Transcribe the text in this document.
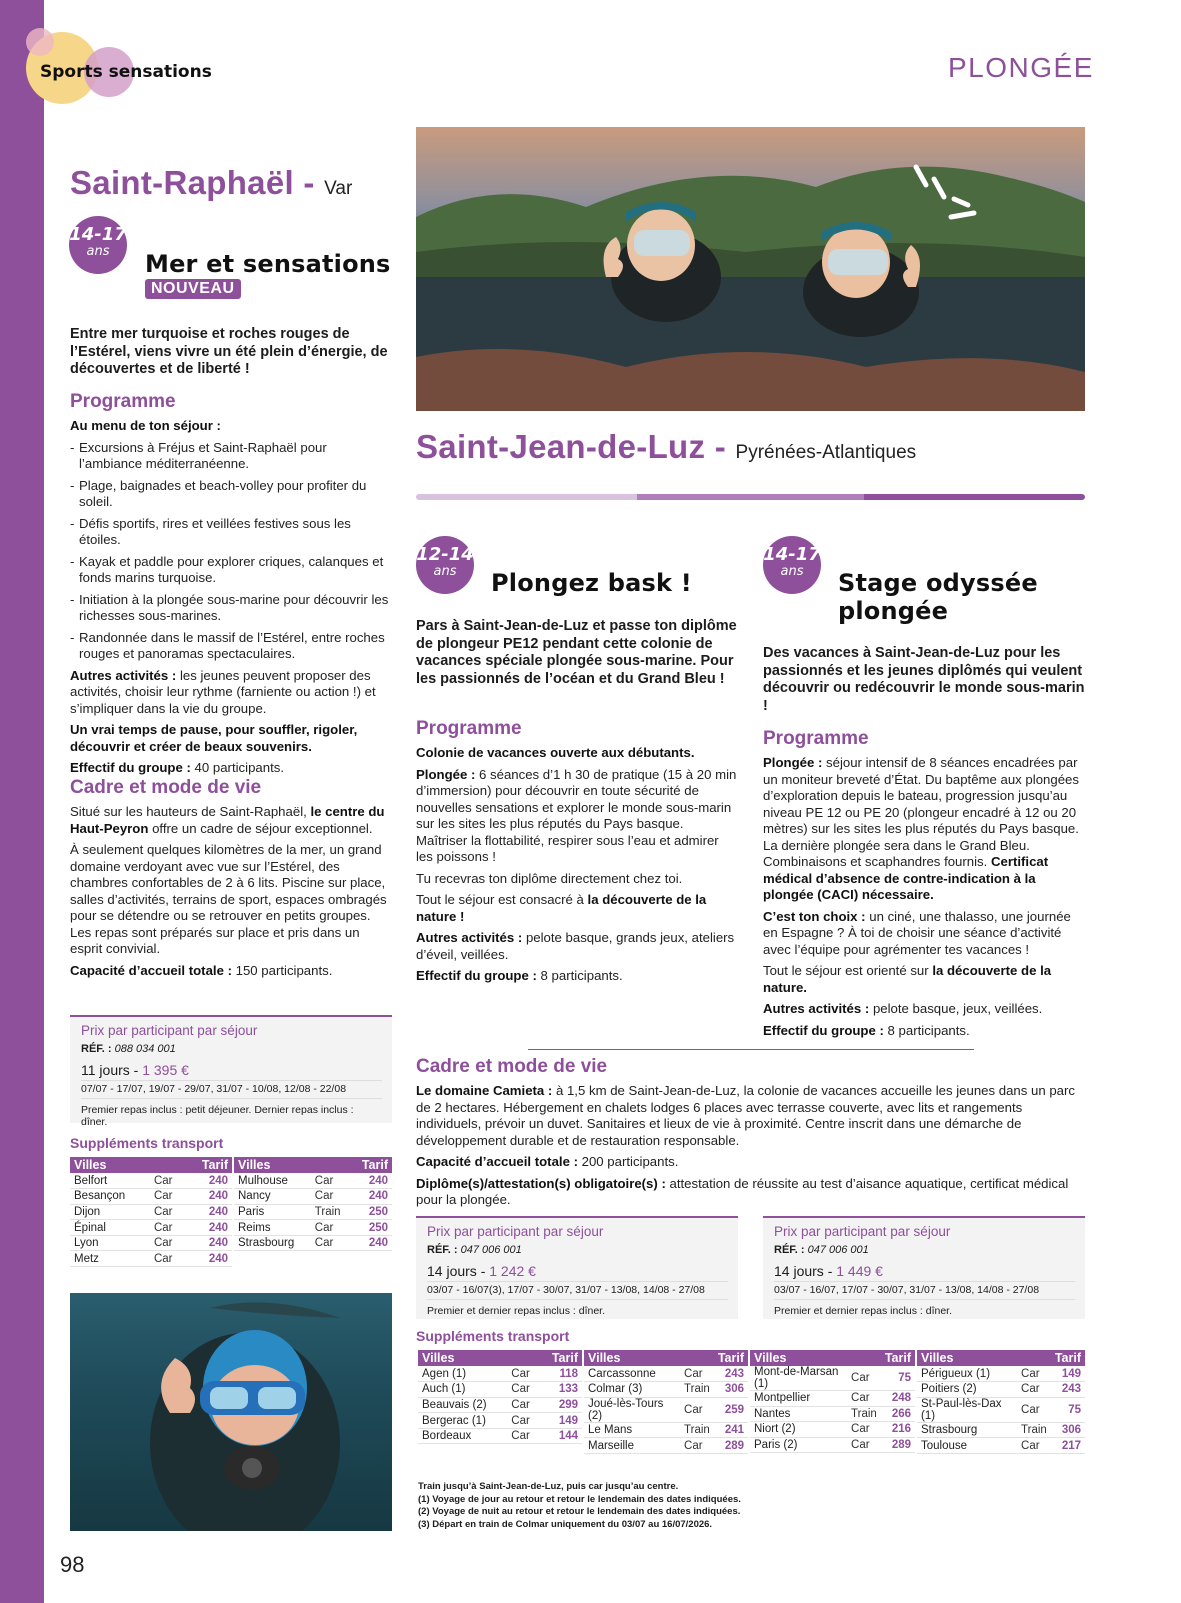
Sports sensations	PLONGÉE
Saint-Raphaël - Var
14-17
ans	Mer et sensations
NOUVEAU
Entre mer turquoise et roches rouges de l’Estérel, viens vivre un été plein d’énergie, de découvertes et de liberté !
Programme

Au menu de ton séjour :

- Excursions à Fréjus et Saint-Raphaël pour l’ambiance méditerranéenne.
- Plage, baignades et beach-volley pour profiter du soleil.
- Défis sportifs, rires et veillées festives sous les étoiles.
- Kayak et paddle pour explorer criques, calanques et fonds marins turquoise.
- Initiation à la plongée sous-marine pour découvrir les richesses sous-marines.
- Randonnée dans le massif de l’Estérel, entre roches rouges et panoramas spectaculaires.

Autres activités : les jeunes peuvent proposer des activités, choisir leur rythme (farniente ou action !) et s’impliquer dans la vie du groupe.

Un vrai temps de pause, pour souffler, rigoler, découvrir et créer de beaux souvenirs.

Effectif du groupe : 40 participants.

Cadre et mode de vie

Situé sur les hauteurs de Saint-Raphaël, le centre du Haut-Peyron offre un cadre de séjour exceptionnel.

À seulement quelques kilomètres de la mer, un grand domaine verdoyant avec vue sur l’Estérel, des chambres confortables de 2 à 6 lits. Piscine sur place, salles d’activités, terrains de sport, espaces ombragés pour se détendre ou se retrouver en petits groupes. Les repas sont préparés sur place et pris dans un esprit convivial.

Capacité d’accueil totale : 150 participants.

Prix par participant par séjour
RÉF. : 088 034 001
11 jours - 1 395 €
07/07 - 17/07, 19/07 - 29/07, 31/07 - 10/08, 12/08 - 22/08
Premier repas inclus : petit déjeuner. Dernier repas inclus : dîner.
Suppléments transport
Villes		Tarif
Belfort	Car	240
Besançon	Car	240
Dijon	Car	240
Épinal	Car	240
Lyon	Car	240
Metz	Car	240
Villes		Tarif
Mulhouse	Car	240
Nancy	Car	240
Paris	Train	250
Reims	Car	250
Strasbourg	Car	240
Saint-Jean-de-Luz - Pyrénées-Atlantiques
12-14
ans	Plongez bask !
Pars à Saint-Jean-de-Luz et passe ton diplôme de plongeur PE12 pendant cette colonie de vacances spéciale plongée sous-marine. Pour les passionnés de l’océan et du Grand Bleu !
Programme

Colonie de vacances ouverte aux débutants.

Plongée : 6 séances d’1 h 30 de pratique (15 à 20 min d’immersion) pour découvrir en toute sécurité de nouvelles sensations et explorer le monde sous-marin sur les sites les plus réputés du Pays basque. Maîtriser la flottabilité, respirer sous l’eau et admirer les poissons !

Tu recevras ton diplôme directement chez toi.

Tout le séjour est consacré à la découverte de la nature !

Autres activités : pelote basque, grands jeux, ateliers d’éveil, veillées.

Effectif du groupe : 8 participants.

14-17
ans	Stage odyssée
plongée
Des vacances à Saint-Jean-de-Luz pour les passionnés et les jeunes diplômés qui veulent découvrir ou redécouvrir le monde sous-marin !
Programme

Plongée : séjour intensif de 8 séances encadrées par un moniteur breveté d’État. Du baptême aux plongées d’exploration depuis le bateau, progression jusqu’au niveau PE 12 ou PE 20 (plongeur encadré à 12 ou 20 mètres) sur les sites les plus réputés du Pays basque. La dernière plongée sera dans le Grand Bleu. Combinaisons et scaphandres fournis. Certificat médical d’absence de contre-indication à la plongée (CACI) nécessaire.

C’est ton choix : un ciné, une thalasso, une journée en Espagne ? À toi de choisir une séance d’activité avec l’équipe pour agrémenter tes vacances !

Tout le séjour est orienté sur la découverte de la nature.

Autres activités : pelote basque, jeux, veillées.

Effectif du groupe : 8 participants.

Cadre et mode de vie

Le domaine Camieta : à 1,5 km de Saint-Jean-de-Luz, la colonie de vacances accueille les jeunes dans un parc de 2 hectares. Hébergement en chalets lodges 6 places avec terrasse couverte, avec lits et rangements individuels, prévoir un duvet. Sanitaires et lieux de vie à proximité. Centre inscrit dans une démarche de développement durable et de restauration responsable.

Capacité d’accueil totale : 200 participants.

Diplôme(s)/attestation(s) obligatoire(s) : attestation de réussite au test d’aisance aquatique, certificat médical pour la plongée.

Prix par participant par séjour
RÉF. : 047 006 001
14 jours - 1 242 €
03/07 - 16/07(3), 17/07 - 30/07, 31/07 - 13/08, 14/08 - 27/08
Premier et dernier repas inclus : dîner.
Prix par participant par séjour
RÉF. : 047 006 001
14 jours - 1 449 €
03/07 - 16/07, 17/07 - 30/07, 31/07 - 13/08, 14/08 - 27/08
Premier et dernier repas inclus : dîner.
Suppléments transport
Villes		Tarif
Agen (1)	Car	118
Auch (1)	Car	133
Beauvais (2)	Car	299
Bergerac (1)	Car	149
Bordeaux	Car	144
Villes		Tarif
Carcassonne	Car	243
Colmar (3)	Train	306
Joué-lès-Tours (2)	Car	259
Le Mans	Train	241
Marseille	Car	289
Villes		Tarif
Mont-de-Marsan (1)	Car	75
Montpellier	Car	248
Nantes	Train	266
Niort (2)	Car	216
Paris (2)	Car	289
Villes		Tarif
Périgueux (1)	Car	149
Poitiers (2)	Car	243
St-Paul-lès-Dax (1)	Car	75
Strasbourg	Train	306
Toulouse	Car	217
Train jusqu’à Saint-Jean-de-Luz, puis car jusqu’au centre.
(1) Voyage de jour au retour et retour le lendemain des dates indiquées.
(2) Voyage de nuit au retour et retour le lendemain des dates indiquées.
(3) Départ en train de Colmar uniquement du 03/07 au 16/07/2026.
98
